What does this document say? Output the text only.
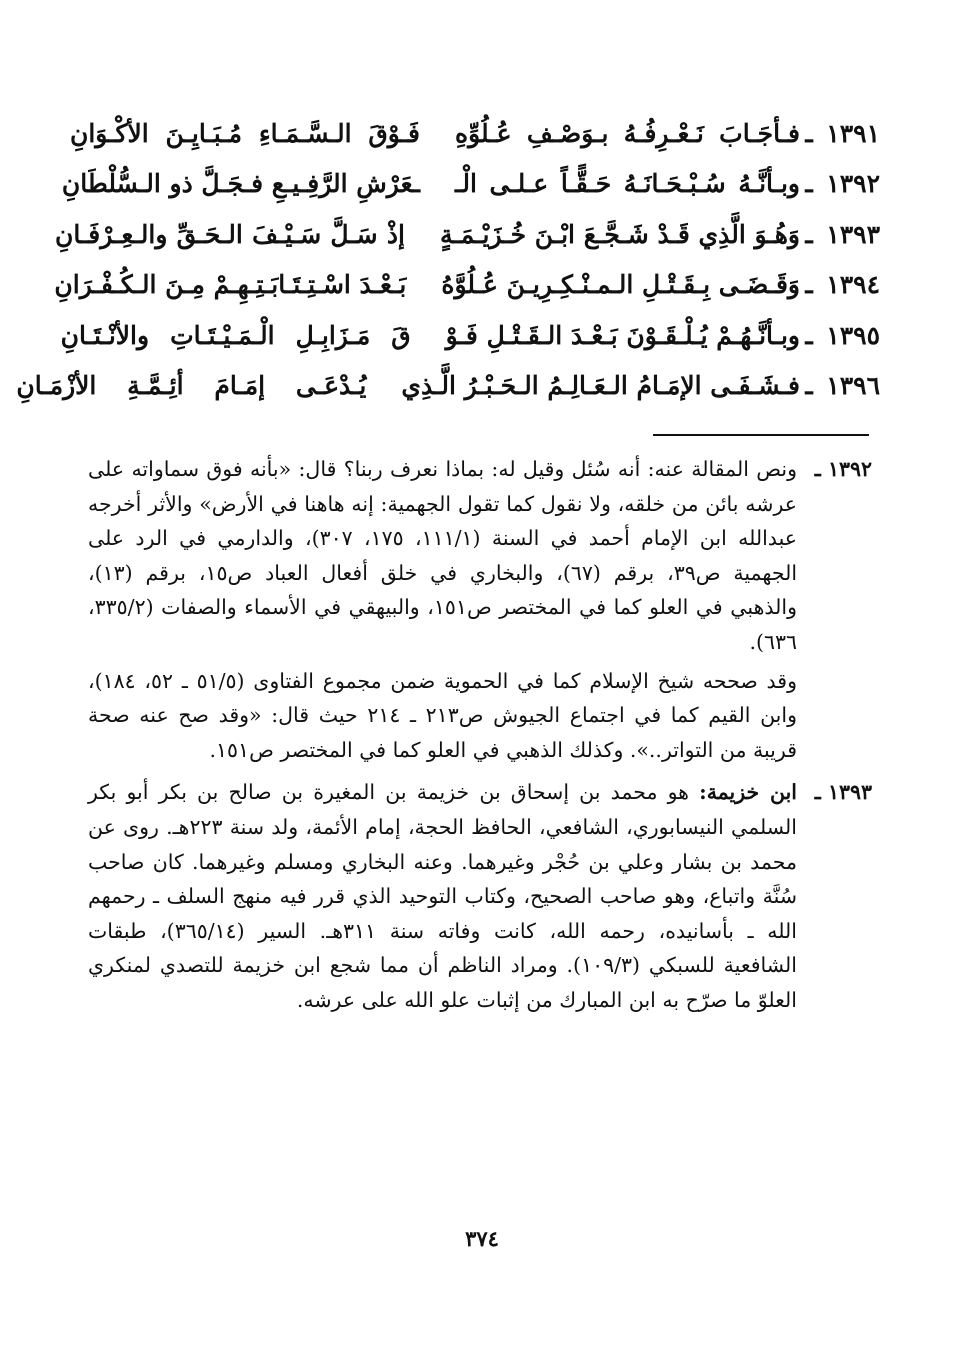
١٣٩١
ـ
فـأجَـابَ نَـعْـرِفُـهُ بـوَصْـفِ عُـلُوِّهِ
فَـوْقَ الـسَّـمَـاءِ مُـبَـايِـنَ الأكْـوَانِ
١٣٩٢
ـ
وبـأنَّـهُ سُـبْـحَـانَـهُ حَـقًّـاً عـلـى الْـ
ـعَرْشِ الرَّفِـيـعِ فـجَـلَّ ذو الـسُّلْطَانِ
١٣٩٣
ـ
وَهُـوَ الَّذِي قَـدْ شَـجَّـعَ ابْـنَ خُـزَيْـمَـةٍ
إذْ سَـلَّ سَـيْـفَ الـحَـقِّ والـعِـرْفَـانِ
١٣٩٤
ـ
وَقَـضَـى بِـقَـتْـلِ الـمـنْـكِـرِيـنَ عُـلُوَّهُ
بَـعْـدَ اسْـتِـتَـابَـتِـهِـمْ مِـنَ الـكُـفْـرَانِ
١٣٩٥
ـ
وبـأنَّـهُـمْ يُـلْـقَـوْنَ بَـعْـدَ الـقَـتْـلِ فَـوْ
قَ مَـزَابِـلِ الْـمَـيْـتَـاتِ والأنْـتَـانِ
١٣٩٦
ـ
فـشَـفَـى الإمَـامُ الـعَـالِـمُ الـحَـبْـرُ الَّـذِي
يُـدْعَـى إمَـامَ أئِـمَّـةِ الأزْمَـانِ
١٣٩٢ ـ

ونص المقالة عنه: أنه سُئل وقيل له: بماذا نعرف ربنا؟ قال: «بأنه فوق سماواته على عرشه بائن من خلقه، ولا نقول كما تقول الجهمية: إنه هاهنا في الأرض» والأثر أخرجه عبدالله ابن الإمام أحمد في السنة (١١١/١، ١٧٥، ٣٠٧)، والدارمي في الرد على الجهمية ص٣٩، برقم (٦٧)، والبخاري في خلق أفعال العباد ص١٥، برقم (١٣)، والذهبي في العلو كما في المختصر ص١٥١، والبيهقي في الأسماء والصفات (٣٣٥/٢، ٦٣٦).

وقد صححه شيخ الإسلام كما في الحموية ضمن مجموع الفتاوى (٥١/٥ ـ ٥٢، ١٨٤)، وابن القيم كما في اجتماع الجيوش ص٢١٣ ـ ٢١٤ حيث قال: «وقد صح عنه صحة قريبة من التواتر..». وكذلك الذهبي في العلو كما في المختصر ص١٥١.

١٣٩٣ ـ

ابن خزيمة: هو محمد بن إسحاق بن خزيمة بن المغيرة بن صالح بن بكر أبو بكر السلمي النيسابوري، الشافعي، الحافظ الحجة، إمام الأئمة، ولد سنة ٢٢٣هـ. روى عن محمد بن بشار وعلي بن حُجْر وغيرهما. وعنه البخاري ومسلم وغيرهما. كان صاحب سُنَّة واتباع، وهو صاحب الصحيح، وكتاب التوحيد الذي قرر فيه منهج السلف ـ رحمهم الله ـ بأسانيده، رحمه الله، كانت وفاته سنة ٣١١هـ. السير (٣٦٥/١٤)، طبقات الشافعية للسبكي (١٠٩/٣). ومراد الناظم أن مما شجع ابن خزيمة للتصدي لمنكري العلوّ ما صرّح به ابن المبارك من إثبات علو الله على عرشه.

٣٧٤
